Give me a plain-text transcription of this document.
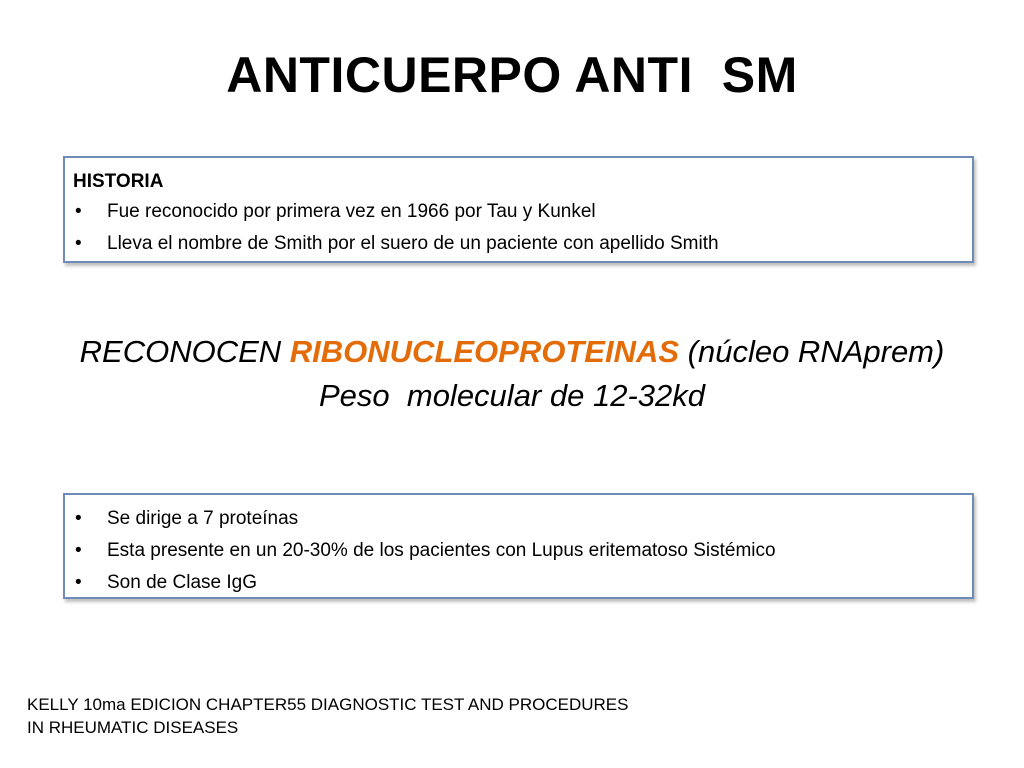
ANTICUERPO ANTI  SM
HISTORIA
•	Fue reconocido por primera vez en 1966 por Tau y Kunkel
•	Lleva el nombre de Smith por el suero de un paciente con apellido Smith
RECONOCEN RIBONUCLEOPROTEINAS (núcleo RNAprem)
Peso  molecular de 12-32kd
•	Se dirige a 7 proteínas
•	Esta presente en un 20-30% de los pacientes con Lupus eritematoso Sistémico
•	Son de Clase IgG
KELLY 10ma EDICION CHAPTER55 DIAGNOSTIC TEST AND PROCEDURES
IN RHEUMATIC DISEASES
